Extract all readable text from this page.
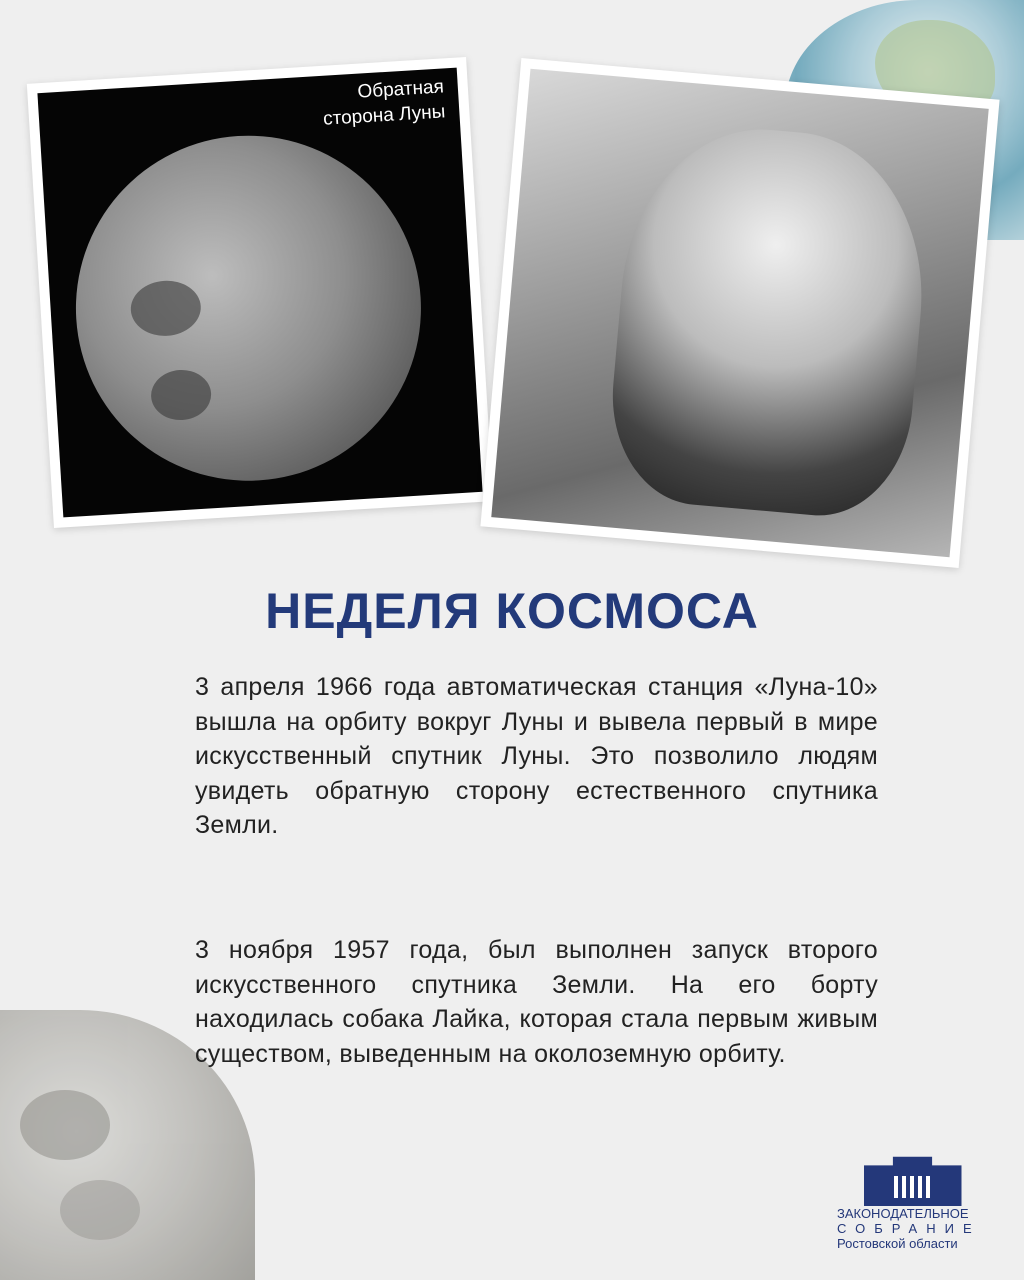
Обратная
сторона Луны
НЕДЕЛЯ КОСМОСА
3 апреля 1966 года автоматическая станция «Луна-10» вышла на орбиту вокруг Луны и вывела первый в мире искусственный спутник Луны. Это позволило людям увидеть обратную сторону естественного спутника Земли.
3 ноября 1957 года, был выполнен запуск второго искусственного спутника Земли. На его борту находилась собака Лайка, которая стала первым живым существом, выведенным на околоземную орбиту.
ЗАКОНОДАТЕЛЬНОЕ
СОБРАНИЕ
Ростовской области
